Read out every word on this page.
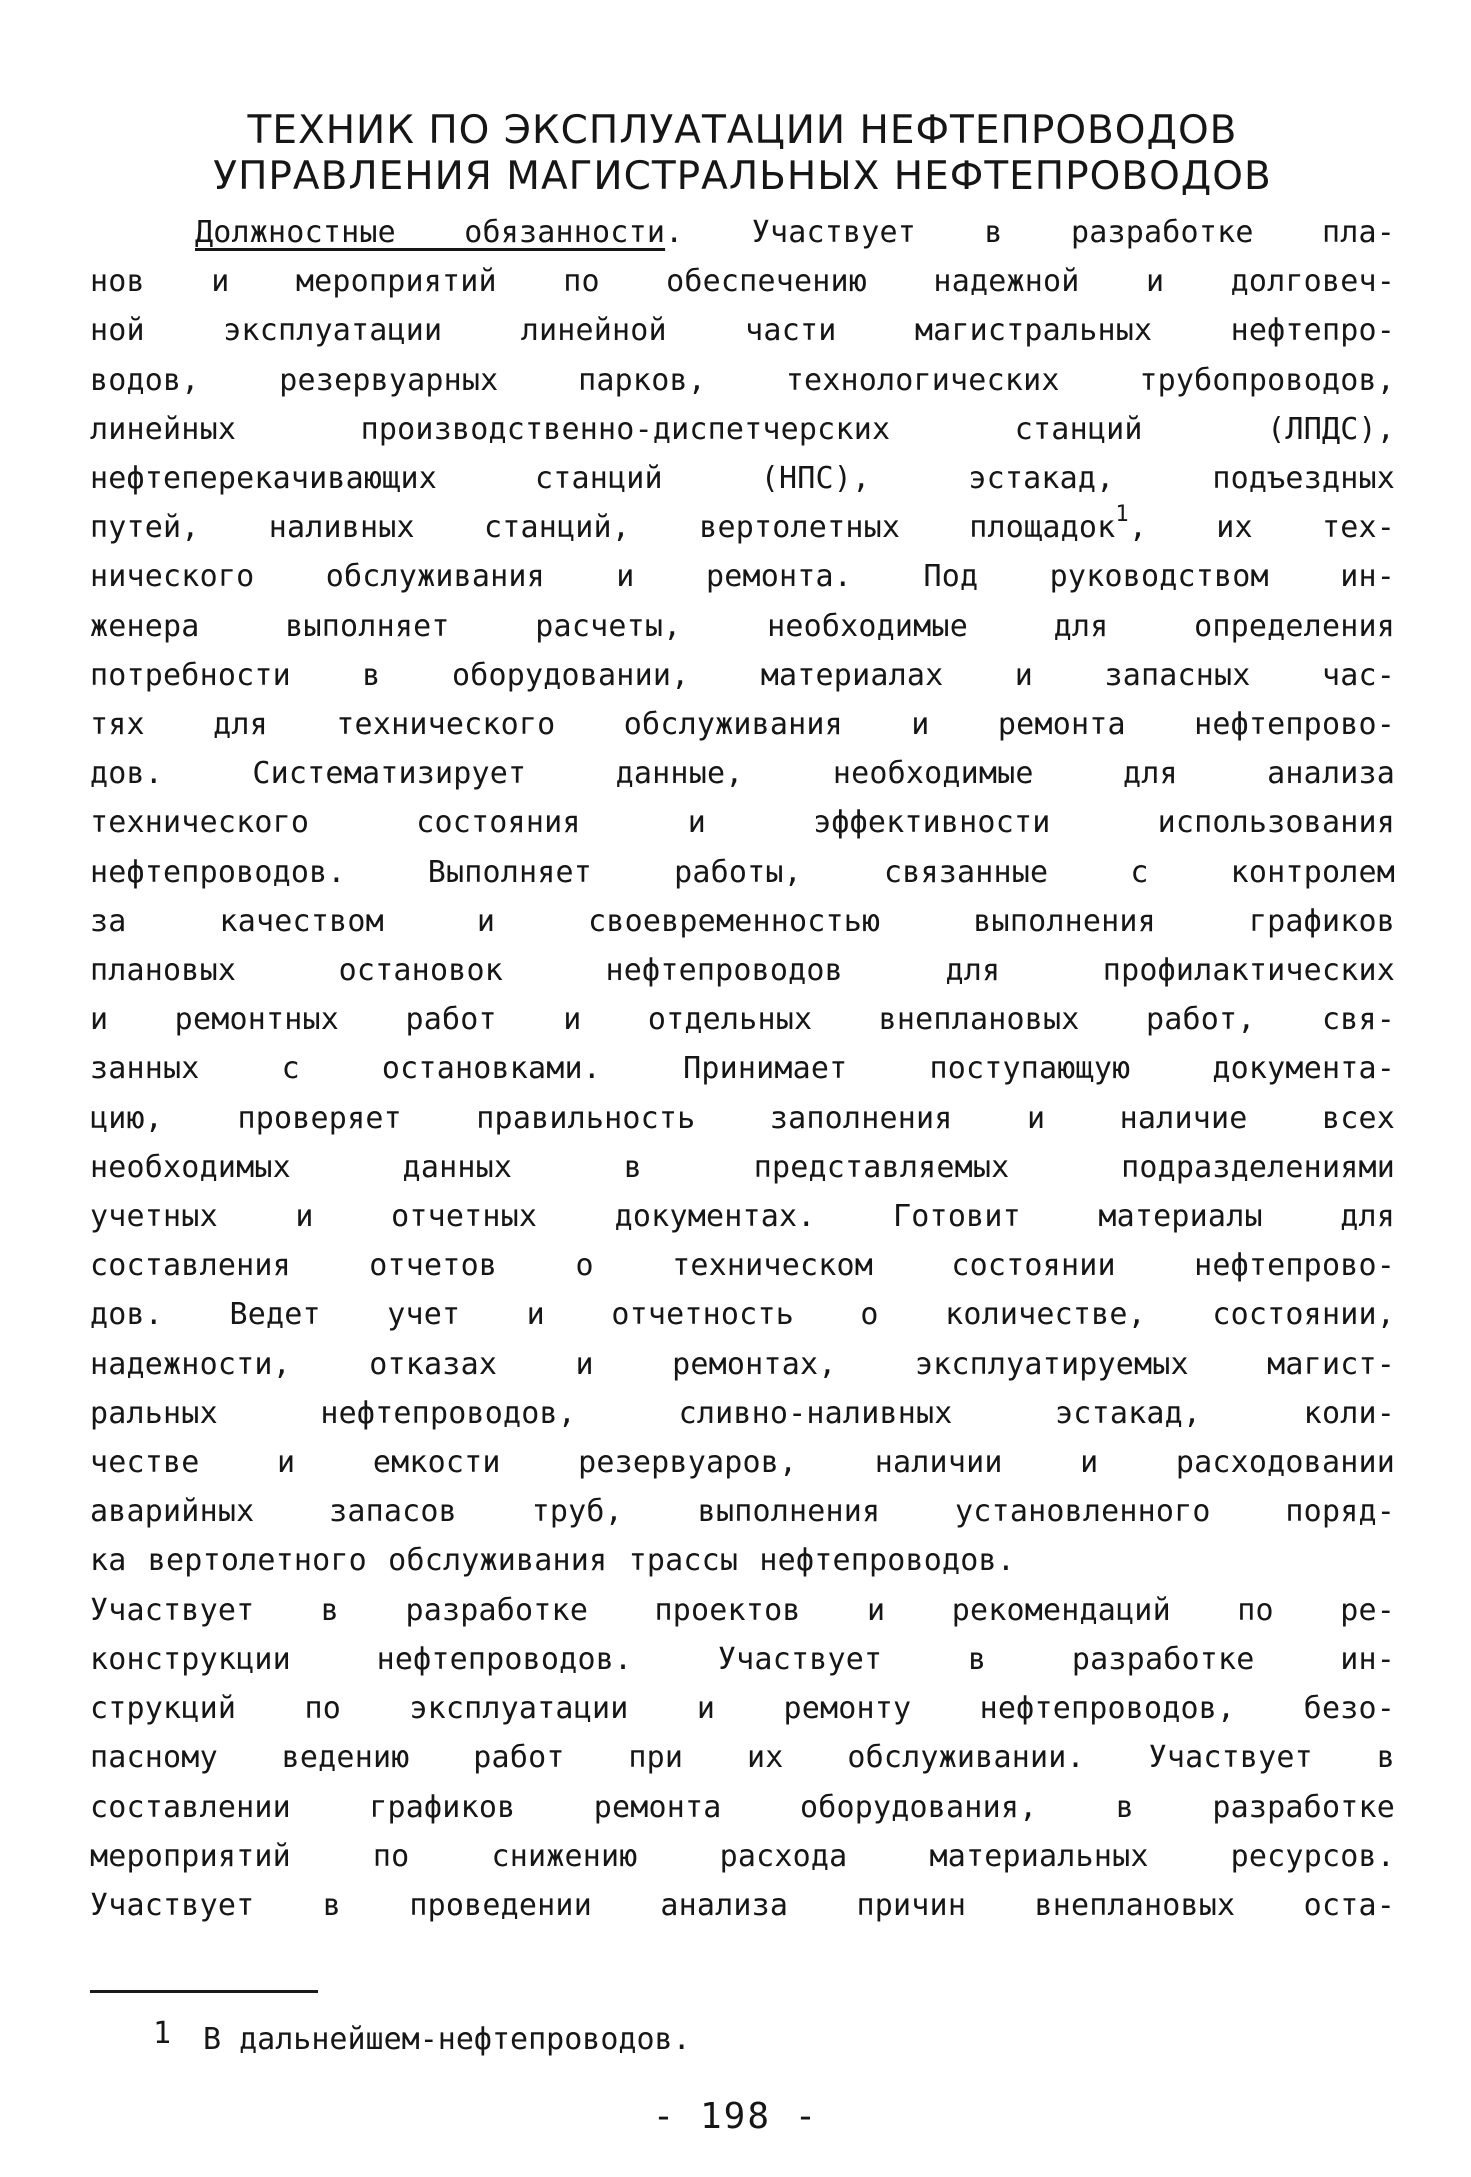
ТЕХНИК ПО ЭКСПЛУАТАЦИИ НЕФТЕПРОВОДОВ
УПРАВЛЕНИЯ МАГИСТРАЛЬНЫХ НЕФТЕПРОВОДОВ
Должностные обязанности. Участвует в разработке пла-
нов и мероприятий по обеспечению надежной и долговеч-
ной эксплуатации линейной части магистральных нефтепро-
водов, резервуарных парков, технологических трубопроводов,
линейных производственно-диспетчерских станций (ЛПДС),
нефтеперекачивающих станций (НПС), эстакад, подъездных
путей, наливных станций, вертолетных площадок$^1$, их тех-
нического обслуживания и ремонта. Под руководством ин-
женера выполняет расчеты, необходимые для определения
потребности в оборудовании, материалах и запасных час-
тях для технического обслуживания и ремонта нефтепрово-
дов. Систематизирует данные, необходимые для анализа
технического состояния и эффективности использования
нефтепроводов. Выполняет работы, связанные с контролем
за качеством и своевременностью выполнения графиков
плановых остановок нефтепроводов для профилактических
и ремонтных работ и отдельных внеплановых работ, свя-
занных с остановками. Принимает поступающую документа-
цию, проверяет правильность заполнения и наличие всех
необходимых данных в представляемых подразделениями
учетных и отчетных документах. Готовит материалы для
составления отчетов о техническом состоянии нефтепрово-
дов. Ведет учет и отчетность о количестве, состоянии,
надежности, отказах и ремонтах, эксплуатируемых магист-
ральных нефтепроводов, сливно-наливных эстакад, коли-
честве и емкости резервуаров, наличии и расходовании
аварийных запасов труб, выполнения установленного поряд-
ка вертолетного обслуживания трассы нефтепроводов.
Участвует в разработке проектов и рекомендаций по ре-
конструкции нефтепроводов. Участвует в разработке ин-
струкций по эксплуатации и ремонту нефтепроводов, безо-
пасному ведению работ при их обслуживании. Участвует в
составлении графиков ремонта оборудования, в разработке
мероприятий по снижению расхода материальных ресурсов.
Участвует в проведении анализа причин внеплановых оста-
1 В дальнейшем-нефтепроводов.
- 198 -
